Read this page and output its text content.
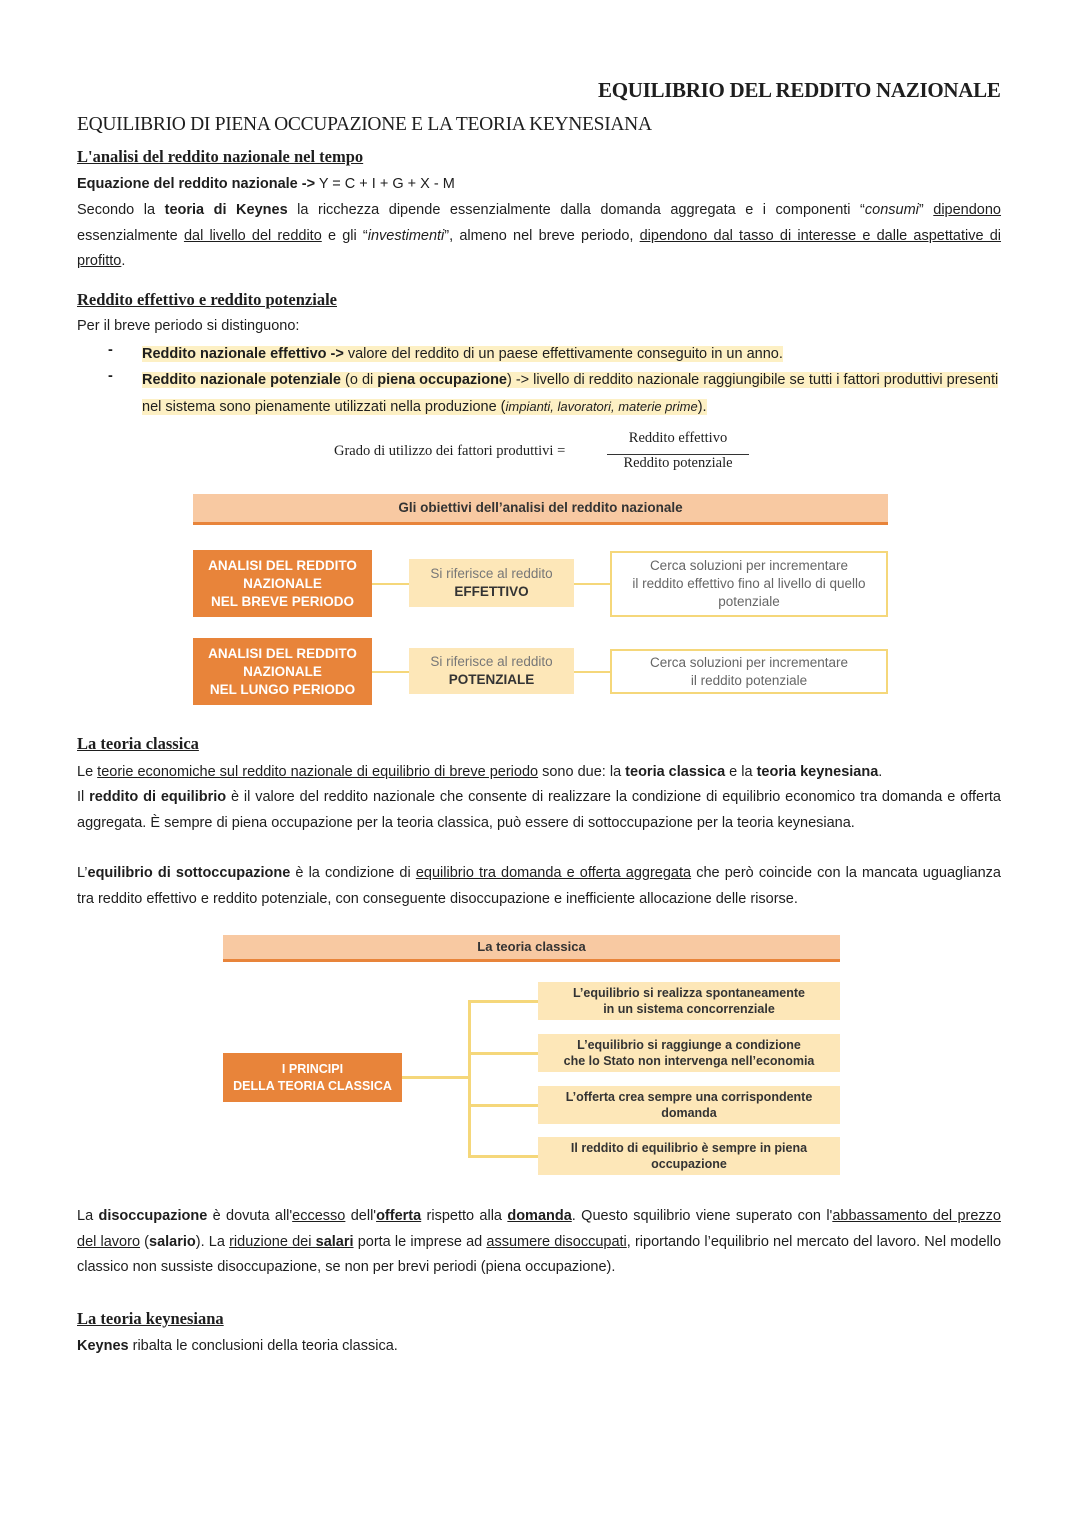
EQUILIBRIO DEL REDDITO NAZIONALE
EQUILIBRIO DI PIENA OCCUPAZIONE E LA TEORIA KEYNESIANA
L'analisi del reddito nazionale nel tempo
Equazione del reddito nazionale -> Y = C + I + G + X - M
Secondo la teoria di Keynes la ricchezza dipende essenzialmente dalla domanda aggregata e i componenti “consumi” dipendono essenzialmente dal livello del reddito e gli “investimenti”, almeno nel breve periodo, dipendono dal tasso di interesse e dalle aspettative di profitto.
Reddito effettivo e reddito potenziale
Per il breve periodo si distinguono:
- Reddito nazionale effettivo -> valore del reddito di un paese effettivamente conseguito in un anno.
- Reddito nazionale potenziale (o di piena occupazione) -> livello di reddito nazionale raggiungibile se tutti i fattori produttivi presenti nel sistema sono pienamente utilizzati nella produzione (impianti, lavoratori, materie prime).
Grado di utilizzo dei fattori produttivi =
Reddito effettivo
Reddito potenziale
Gli obiettivi dell’analisi del reddito nazionale
ANALISI DEL REDDITO
NAZIONALE
NEL BREVE PERIODO
Si riferisce al reddito
EFFETTIVO
Cerca soluzioni per incrementare
il reddito effettivo fino al livello di quello
potenziale
ANALISI DEL REDDITO
NAZIONALE
NEL LUNGO PERIODO
Si riferisce al reddito
POTENZIALE
Cerca soluzioni per incrementare
il reddito potenziale
La teoria classica
Le teorie economiche sul reddito nazionale di equilibrio di breve periodo sono due: la teoria classica e la teoria keynesiana.
Il reddito di equilibrio è il valore del reddito nazionale che consente di realizzare la condizione di equilibrio economico tra domanda e offerta aggregata. È sempre di piena occupazione per la teoria classica, può essere di sottoccupazione per la teoria keynesiana.
L’equilibrio di sottoccupazione è la condizione di equilibrio tra domanda e offerta aggregata che però coincide con la mancata uguaglianza tra reddito effettivo e reddito potenziale, con conseguente disoccupazione e inefficiente allocazione delle risorse.
La teoria classica
I PRINCIPI
DELLA TEORIA CLASSICA
L’equilibrio si realizza spontaneamente
in un sistema concorrenziale
L’equilibrio si raggiunge a condizione
che lo Stato non intervenga nell’economia
L’offerta crea sempre una corrispondente
domanda
Il reddito di equilibrio è sempre in piena
occupazione
La disoccupazione è dovuta all'eccesso dell'offerta rispetto alla domanda. Questo squilibrio viene superato con l'abbassamento del prezzo del lavoro (salario). La riduzione dei salari porta le imprese ad assumere disoccupati, riportando l’equilibrio nel mercato del lavoro. Nel modello classico non sussiste disoccupazione, se non per brevi periodi (piena occupazione).
La teoria keynesiana
Keynes ribalta le conclusioni della teoria classica.
